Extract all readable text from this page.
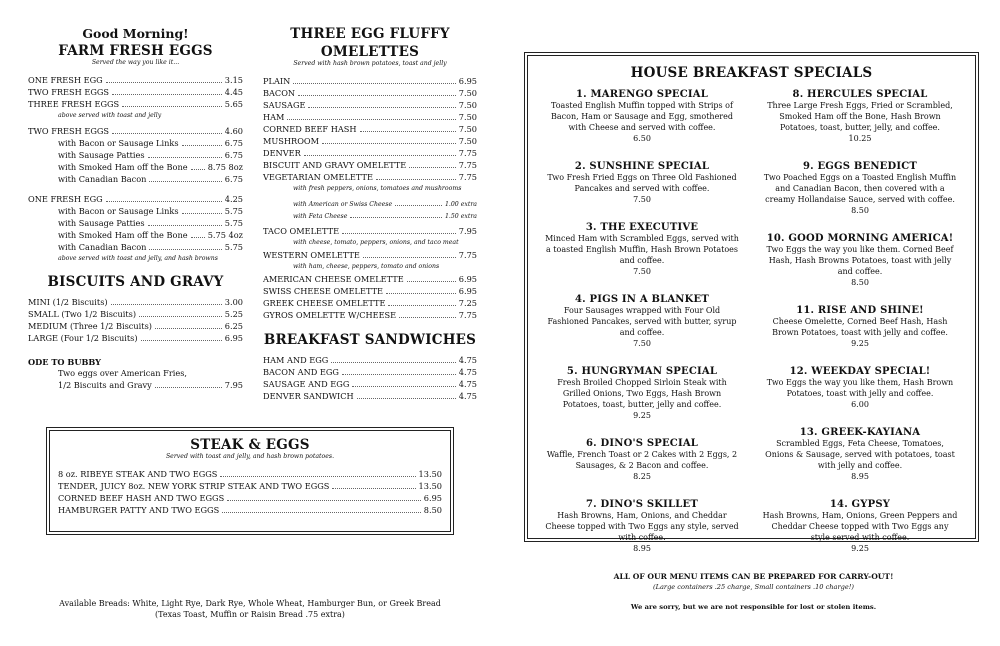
Good Morning!
FARM FRESH EGGS
Served the way you like it...
ONE FRESH EGG	3.15
TWO FRESH EGGS	4.45
THREE FRESH EGGS	5.65
above served with toast and jelly
TWO FRESH EGGS	4.60
with Bacon or Sausage Links	6.75
with Sausage Patties	6.75
with Smoked Ham off the Bone 8.75 8oz
with Canadian Bacon	6.75
ONE FRESH EGG	4.25
with Bacon or Sausage Links	5.75
with Sausage Patties	5.75
with Smoked Ham off the Bone 5.75 4oz
with Canadian Bacon	5.75
above served with toast and jelly, and hash browns
BISCUITS AND GRAVY
MINI (1/2 Biscuits)	3.00
SMALL (Two 1/2 Biscuits)	5.25
MEDIUM (Three 1/2 Biscuits)	6.25
LARGE (Four 1/2 Biscuits)	6.95
ODE TO BUBBY
Two eggs over American Fries,
1/2 Biscuits and Gravy	7.95
THREE EGG FLUFFY
OMELETTES
Served with hash brown potatoes, toast and jelly
PLAIN	6.95
BACON	7.50
SAUSAGE	7.50
HAM	7.50
CORNED BEEF HASH	7.50
MUSHROOM	7.50
DENVER	7.75
BISCUIT AND GRAVY OMELETTE	7.75
VEGETARIAN OMELETTE	7.75
with fresh peppers, onions, tomatoes and mushrooms
with American or Swiss Cheese	1.00 extra
with Feta Cheese	1.50 extra
TACO OMELETTE	7.95
with cheese, tomato, peppers, onions, and taco meat
WESTERN OMELETTE	7.75
with ham, cheese, peppers, tomato and onions
AMERICAN CHEESE OMELETTE	6.95
SWISS CHEESE OMELETTE	6.95
GREEK CHEESE OMELETTE	7.25
GYROS OMELETTE W/CHEESE	7.75
BREAKFAST SANDWICHES
HAM AND EGG	4.75
BACON AND EGG	4.75
SAUSAGE AND EGG	4.75
DENVER SANDWICH	4.75
STEAK & EGGS
Served with toast and jelly, and hash brown potatoes.
8 oz. RIBEYE STEAK AND TWO EGGS	13.50
TENDER, JUICY 8oz. NEW YORK STRIP STEAK AND TWO EGGS	13.50
CORNED BEEF HASH AND TWO EGGS	6.95
HAMBURGER PATTY AND TWO EGGS	8.50
Available Breads: White, Light Rye, Dark Rye, Whole Wheat, Hamburger Bun, or Greek Bread
(Texas Toast, Muffin or Raisin Bread .75 extra)
HOUSE BREAKFAST SPECIALS
1. MARENGO SPECIAL
Toasted English Muffin topped with Strips of Bacon, Ham or Sausage and Egg, smothered with Cheese and served with coffee.
6.50
2. SUNSHINE SPECIAL
Two Fresh Fried Eggs on Three Old Fashioned Pancakes and served with coffee.
7.50
3. THE EXECUTIVE
Minced Ham with Scrambled Eggs, served with a toasted English Muffin, Hash Brown Potatoes and coffee.
7.50
4. PIGS IN A BLANKET
Four Sausages wrapped with Four Old Fashioned Pancakes, served with butter, syrup and coffee.
7.50
5. HUNGRYMAN SPECIAL
Fresh Broiled Chopped Sirloin Steak with Grilled Onions, Two Eggs, Hash Brown Potatoes, toast, butter, jelly and coffee.
9.25
6. DINO'S SPECIAL
Waffle, French Toast or 2 Cakes with 2 Eggs, 2 Sausages, & 2 Bacon and coffee.
8.25
7. DINO'S SKILLET
Hash Browns, Ham, Onions, and Cheddar Cheese topped with Two Eggs any style, served with coffee.
8.95
8. HERCULES SPECIAL
Three Large Fresh Eggs, Fried or Scrambled, Smoked Ham off the Bone, Hash Brown Potatoes, toast, butter, jelly, and coffee.
10.25
9. EGGS BENEDICT
Two Poached Eggs on a Toasted English Muffin and Canadian Bacon, then covered with a creamy Hollandaise Sauce, served with coffee.
8.50
10. GOOD MORNING AMERICA!
Two Eggs the way you like them. Corned Beef Hash, Hash Browns Potatoes, toast with jelly and coffee.
8.50
11. RISE AND SHINE!
Cheese Omelette, Corned Beef Hash, Hash Brown Potatoes, toast with jelly and coffee.
9.25
12. WEEKDAY SPECIAL!
Two Eggs the way you like them, Hash Brown Potatoes, toast with jelly and coffee.
6.00
13. GREEK-KAYIANA
Scrambled Eggs, Feta Cheese, Tomatoes, Onions & Sausage, served with potatoes, toast with jelly and coffee.
8.95
14. GYPSY
Hash Browns, Ham, Onions, Green Peppers and Cheddar Cheese topped with Two Eggs any style served with coffee.
9.25
ALL OF OUR MENU ITEMS CAN BE PREPARED FOR CARRY-OUT!
(Large containers .25 charge, Small containers .10 charge!)
We are sorry, but we are not responsible for lost or stolen items.
